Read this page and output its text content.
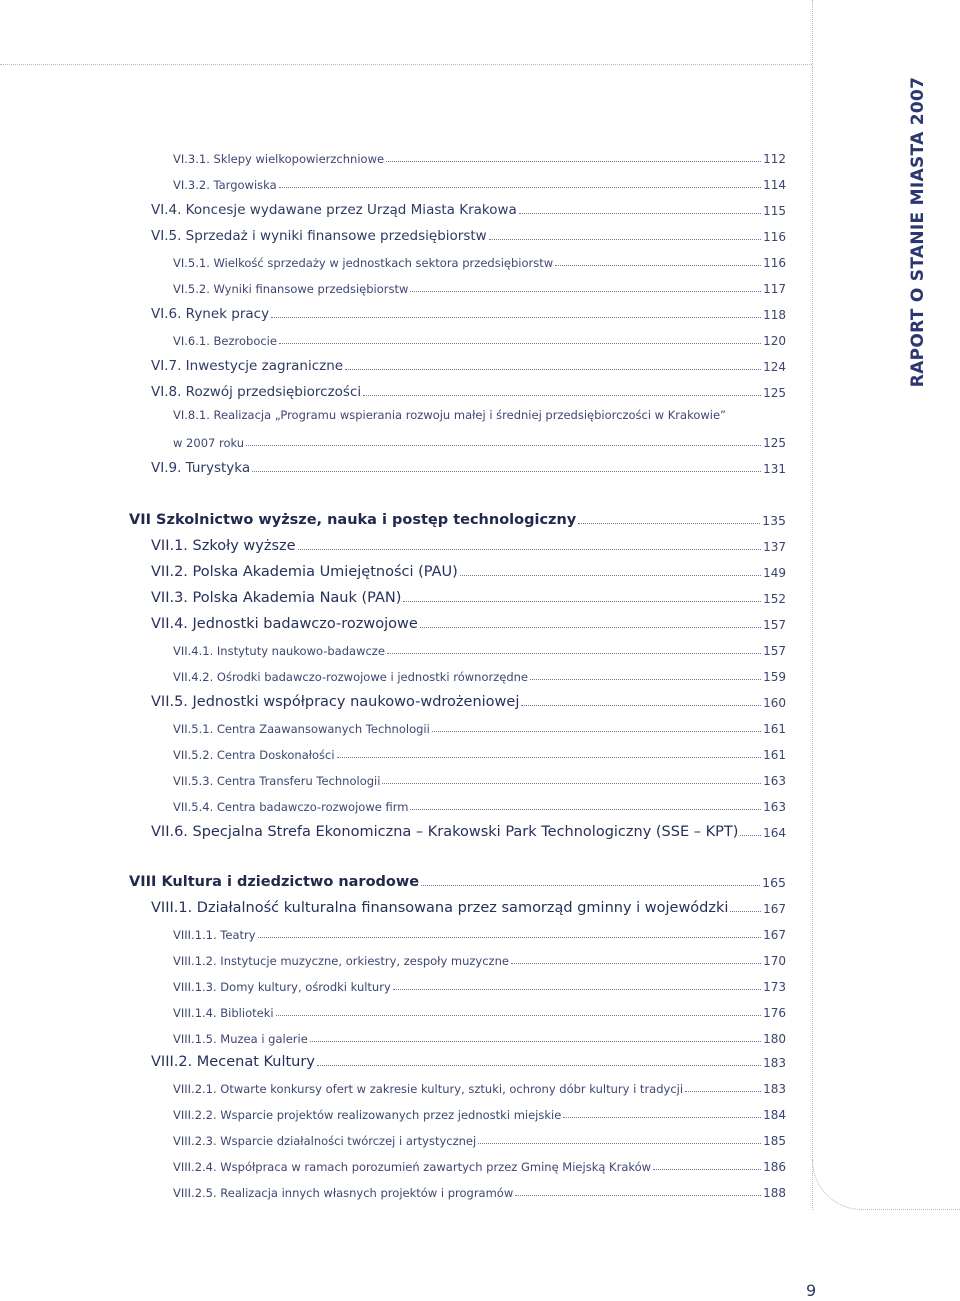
RAPORT O STANIE MIASTA 2007
VI.3.1. Sklepy wielkopowierzchniowe	112
VI.3.2. Targowiska	114
VI.4. Koncesje wydawane przez Urząd Miasta Krakowa	115
VI.5. Sprzedaż i wyniki finansowe przedsiębiorstw	116
VI.5.1. Wielkość sprzedaży w jednostkach sektora przedsiębiorstw	116
VI.5.2. Wyniki finansowe przedsiębiorstw	117
VI.6. Rynek pracy	118
VI.6.1. Bezrobocie	120
VI.7. Inwestycje zagraniczne	124
VI.8. Rozwój przedsiębiorczości	125
VI.8.1. Realizacja „Programu wspierania rozwoju małej i średniej przedsiębiorczości w Krakowie”
w 2007 roku	125
VI.9. Turystyka	131
VII Szkolnictwo wyższe, nauka i postęp technologiczny	135
VII.1. Szkoły wyższe	137
VII.2. Polska Akademia Umiejętności (PAU)	149
VII.3. Polska Akademia Nauk (PAN)	152
VII.4. Jednostki badawczo-rozwojowe	157
VII.4.1. Instytuty naukowo-badawcze	157
VII.4.2. Ośrodki badawczo-rozwojowe i jednostki równorzędne	159
VII.5. Jednostki współpracy naukowo-wdrożeniowej	160
VII.5.1. Centra Zaawansowanych Technologii	161
VII.5.2. Centra Doskonałości	161
VII.5.3. Centra Transferu Technologii	163
VII.5.4. Centra badawczo-rozwojowe firm	163
VII.6. Specjalna Strefa Ekonomiczna – Krakowski Park Technologiczny (SSE – KPT) 164
VIII Kultura i dziedzictwo narodowe	165
VIII.1. Działalność kulturalna finansowana przez samorząd gminny i wojewódzki	167
VIII.1.1. Teatry	167
VIII.1.2. Instytucje muzyczne, orkiestry, zespoły muzyczne	170
VIII.1.3. Domy kultury, ośrodki kultury	173
VIII.1.4. Biblioteki	176
VIII.1.5. Muzea i galerie	180
VIII.2. Mecenat Kultury	183
VIII.2.1. Otwarte konkursy ofert w zakresie kultury, sztuki, ochrony dóbr kultury i tradycji	183
VIII.2.2. Wsparcie projektów realizowanych przez jednostki miejskie	184
VIII.2.3. Wsparcie działalności twórczej i artystycznej	185
VIII.2.4. Współpraca w ramach porozumień zawartych przez Gminę Miejską Kraków	186
VIII.2.5. Realizacja innych własnych projektów i programów	188
9
